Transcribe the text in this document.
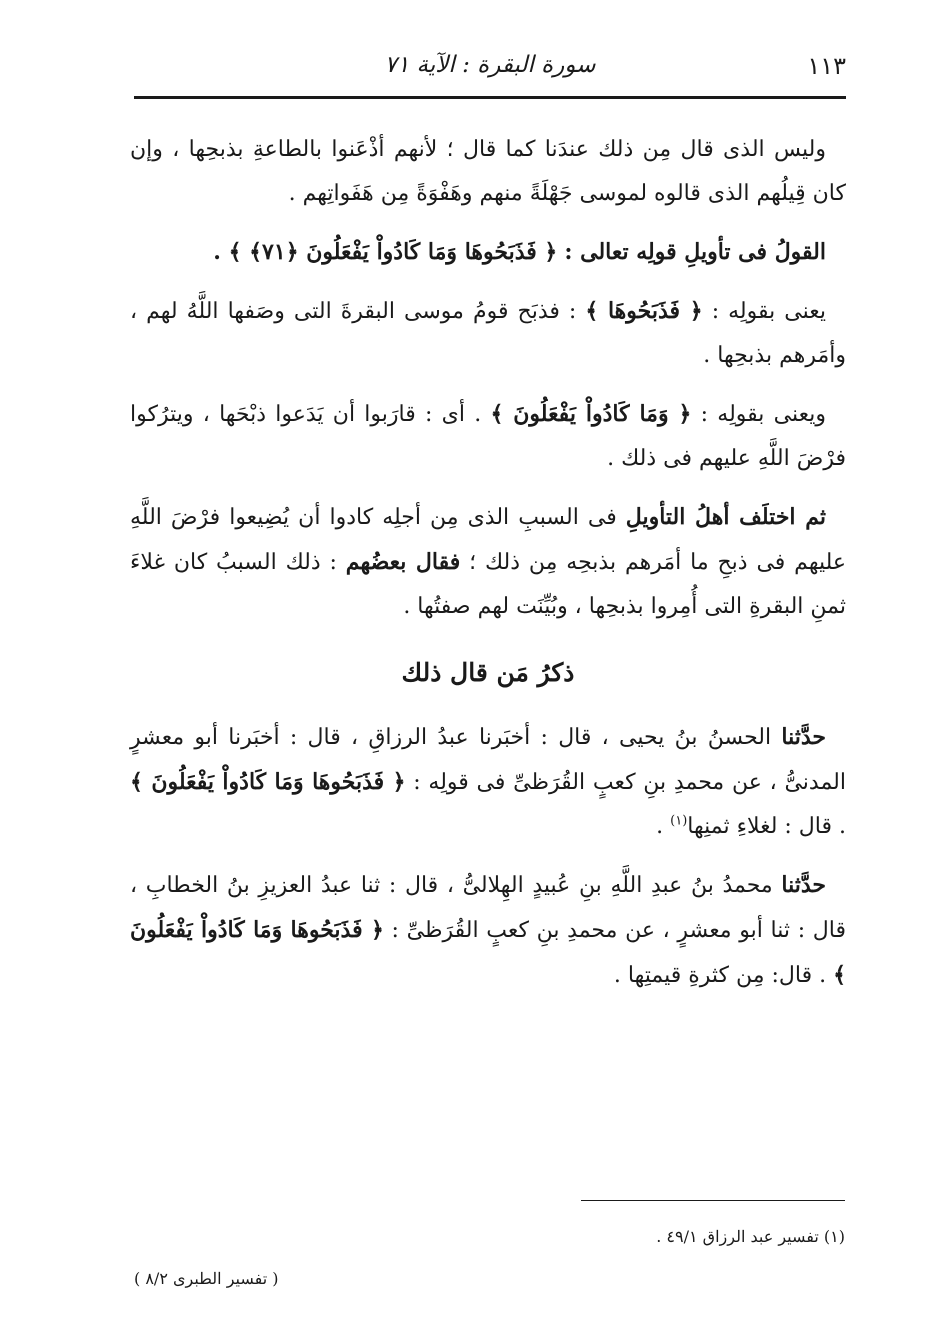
١١٣
سورة البقرة : الآية ٧١

وليس الذى قال مِن ذلك عندَنا كما قال ؛ لأنهم أذْعَنوا بالطاعةِ بذبحِها ، وإن كان قِيلُهم الذى قالوه لموسى جَهْلَةً منهم وهَفْوَةً مِن هَفَواتِهم .

القولُ فى تأويلِ قولِه تعالى : ﴿ فَذَبَحُوهَا وَمَا كَادُواْ يَفْعَلُونَ ﴿٧١﴾ ﴾ .

يعنى بقولِه : ﴿ فَذَبَحُوهَا ﴾ : فذبَح قومُ موسى البقرةَ التى وصَفها اللَّهُ لهم ، وأمَرهم بذبحِها .

ويعنى بقولِه : ﴿ وَمَا كَادُواْ يَفْعَلُونَ ﴾ . أى : قارَبوا أن يَدَعوا ذبْحَها ، ويترُكوا فرْضَ اللَّهِ عليهم فى ذلك .

ثم اختلَف أهلُ التأويلِ فى السببِ الذى مِن أجلِه كادوا أن يُضِيعوا فرْضَ اللَّهِ عليهم فى ذبحِ ما أمَرهم بذبحِه مِن ذلك ؛ فقال بعضُهم : ذلك السببُ كان غلاءَ ثمنِ البقرةِ التى أُمِروا بذبحِها ، وبُيِّنَت لهم صفتُها .

ذكرُ مَن قال ذلك

حدَّثنا الحسنُ بنُ يحيى ، قال : أخبَرنا عبدُ الرزاقِ ، قال : أخبَرنا أبو معشرٍ المدنىُّ ، عن محمدِ بنِ كعبٍ القُرَظىِّ فى قولِه : ﴿ فَذَبَحُوهَا وَمَا كَادُواْ يَفْعَلُونَ ﴾ . قال : لغلاءِ ثمنِها$^{(١)}$ .

حدَّثنا محمدُ بنُ عبدِ اللَّهِ بنِ عُبيدٍ الهِلالىُّ ، قال : ثنا عبدُ العزيزِ بنُ الخطابِ ، قال : ثنا أبو معشرٍ ، عن محمدِ بنِ كعبٍ القُرَظىِّ : ﴿ فَذَبَحُوهَا وَمَا كَادُواْ يَفْعَلُونَ ﴾ . قال: مِن كثرةِ قيمتِها .

(١) تفسير عبد الرزاق ٤٩/١ .
( تفسير الطبرى ٨/٢ )
